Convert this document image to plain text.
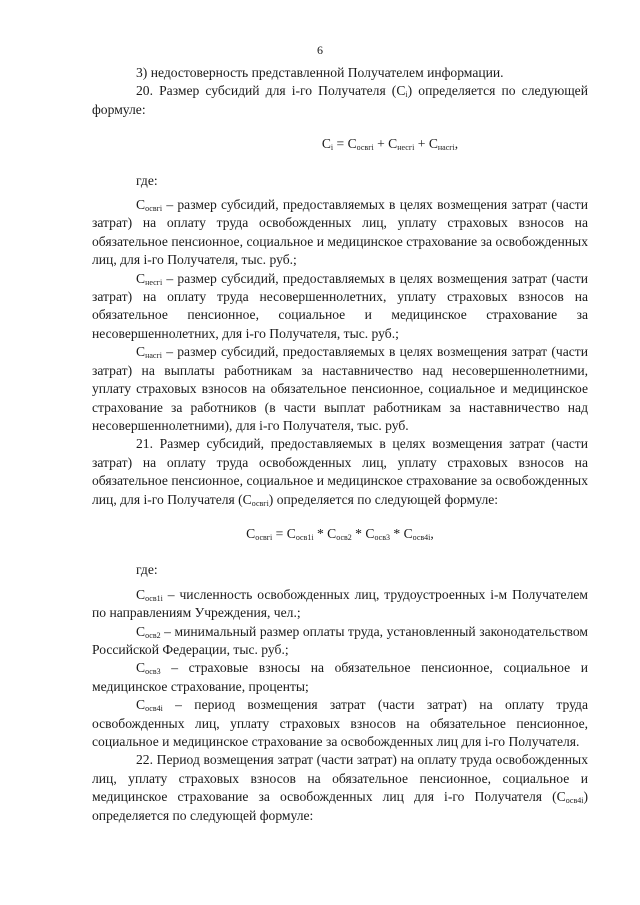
6

3) недостоверность представленной Получателем информации.

20. Размер субсидий для i-го Получателя $(C_i)$ определяется по следующей формуле:

$C_i = C_{освгi} + C_{несгi} + C_{насгi}$,

где:

$C_{освгi}$ – размер субсидий, предоставляемых в целях возмещения затрат (части затрат) на оплату труда освобожденных лиц, уплату страховых взносов на обязательное пенсионное, социальное и медицинское страхование за освобожденных лиц, для i-го Получателя, тыс. руб.;

$C_{несгi}$ – размер субсидий, предоставляемых в целях возмещения затрат (части затрат) на оплату труда несовершеннолетних, уплату страховых взносов на обязательное пенсионное, социальное и медицинское страхование за несовершеннолетних, для i-го Получателя, тыс. руб.;

$C_{насгi}$ – размер субсидий, предоставляемых в целях возмещения затрат (части затрат) на выплаты работникам за наставничество над несовершеннолетними, уплату страховых взносов на обязательное пенсионное, социальное и медицинское страхование за работников (в части выплат работникам за наставничество над несовершеннолетними), для i-го Получателя, тыс. руб.

21. Размер субсидий, предоставляемых в целях возмещения затрат (части затрат) на оплату труда освобожденных лиц, уплату страховых взносов на обязательное пенсионное, социальное и медицинское страхование за освобожденных лиц, для i-го Получателя $(C_{освгi})$ определяется по следующей формуле:

$C_{освгi} = C_{осв1i} * C_{осв2} * C_{осв3} * C_{осв4i}$,

где:

$C_{осв1i}$ – численность освобожденных лиц, трудоустроенных i-м Получателем по направлениям Учреждения, чел.;

$C_{осв2}$ – минимальный размер оплаты труда, установленный законодательством Российской Федерации, тыс. руб.;

$C_{осв3}$ – страховые взносы на обязательное пенсионное, социальное и медицинское страхование, проценты;

$C_{осв4i}$ – период возмещения затрат (части затрат) на оплату труда освобожденных лиц, уплату страховых взносов на обязательное пенсионное, социальное и медицинское страхование за освобожденных лиц для i-го Получателя.

22. Период возмещения затрат (части затрат) на оплату труда освобожденных лиц, уплату страховых взносов на обязательное пенсионное, социальное и медицинское страхование за освобожденных лиц для i-го Получателя $(C_{осв4i})$ определяется по следующей формуле:
